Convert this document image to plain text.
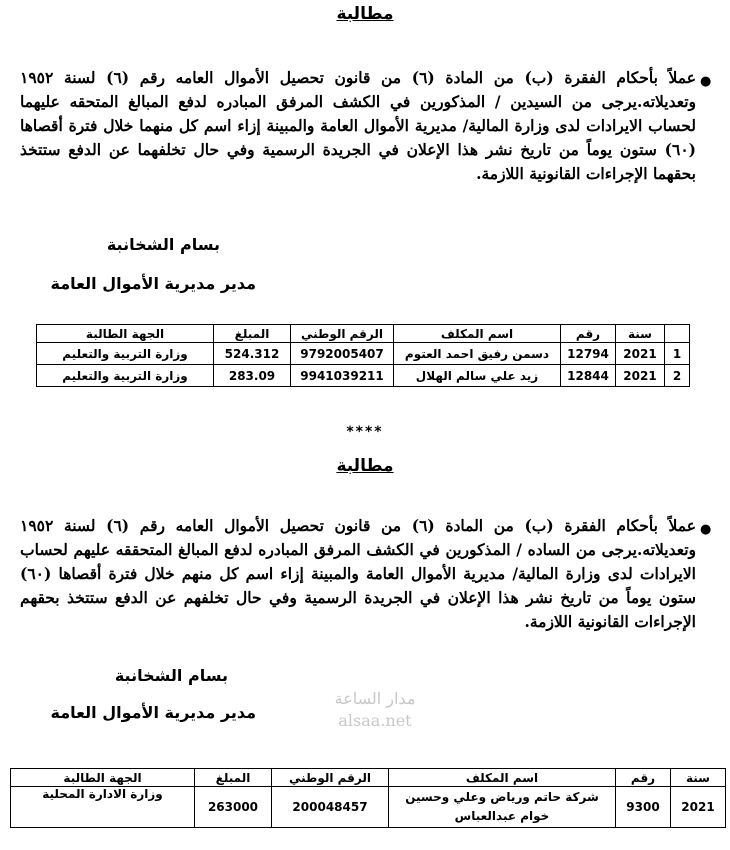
مطالبة
●
عملاً بأحكام الفقرة (ب) من المادة (٦) من قانون تحصيل الأموال العامه رقم (٦) لسنة ١٩٥٢ وتعديلاته.يرجى من السيدين / المذكورين في الكشف المرفق المبادره لدفع المبالغ المتحقه عليهما لحساب الايرادات لدى وزارة المالية/ مديرية الأموال العامة والمبينة إزاء اسم كل منهما خلال فترة أقصاها (٦٠) ستون يوماً من تاريخ نشر هذا الإعلان في الجريدة الرسمية وفي حال تخلفهما عن الدفع ستتخذ بحقهما الإجراءات القانونية اللازمة.
بسام الشخانبة
مدير مديرية الأموال العامة
	سنة	رقم	اسم المكلف	الرقم الوطني	المبلغ	الجهة الطالبة
1	2021	12794	دسمن رفيق احمد العتوم	9792005407	524.312	وزارة التربية والتعليم
2	2021	12844	زيد علي سالم الهلال	9941039211	283.09	وزارة التربية والتعليم
****
مطالبة
●
عملاً بأحكام الفقرة (ب) من المادة (٦) من قانون تحصيل الأموال العامه رقم (٦) لسنة ١٩٥٢ وتعديلاته.يرجى من الساده / المذكورين في الكشف المرفق المبادره لدفع المبالغ المتحققه عليهم لحساب الايرادات لدى وزارة المالية/ مديرية الأموال العامة والمبينة إزاء اسم كل منهم خلال فترة أقصاها (٦٠) ستون يوماً من تاريخ نشر هذا الإعلان في الجريدة الرسمية وفي حال تخلفهم عن الدفع ستتخذ بحقهم الإجراءات القانونية اللازمة.
بسام الشخانبة
مدير مديرية الأموال العامة
مدار الساعة
alsaa.net
سنة	رقم	اسم المكلف	الرقم الوطني	المبلغ	الجهة الطالبة
2021	9300	شركة حاتم ورياض وعلي وحسين خوام عبدالعباس	200048457	263000	وزارة الادارة المحلية
